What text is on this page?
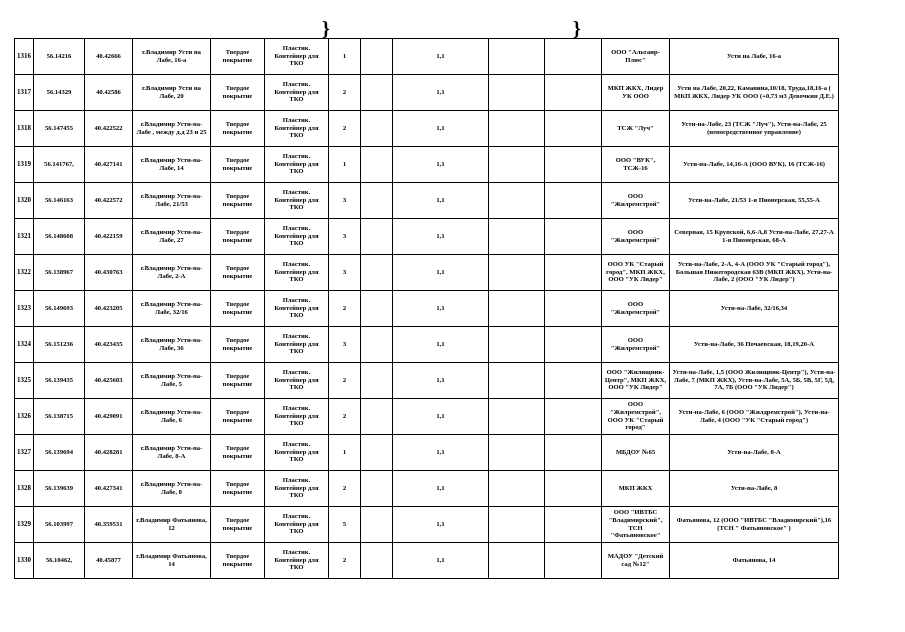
}	}
1316	56.14216	40.42666	г.Владимир Усти на Лабе, 16-а	Твердое покрытие	Пластик. Контейнер для ТКО	1		1,1			ООО "Альтаир-Плюс"	Усти на Лабе, 16-а
1317	56.14329	40.42586	г.Владимир Усти на Лабе, 20	Твердое покрытие	Пластик. Контейнер для ТКО	2		1,1			МКП ЖКХ, Лидер УК ООО	Усти на Лабе, 20,22, Каманина,10/18, Труда,18,16-а ( МКП ЖКХ, Лидер УК ООО (+0,73 м3 Девочкин Д.Е.)
1318	56.147455	40.422522	г.Владимир Усти-на-Лабе , между д.д 23 и 25	Твердое покрытие	Пластик. Контейнер для ТКО	2		1,1			ТСЖ "Луч"	Усти-на-Лабе, 23 (ТСЖ "Луч"), Усти-на-Лабе, 25 (непосредственное управление)
1319	56.141767,	40.427141	г.Владимир Усти-на-Лабе, 14	Твердое покрытие	Пластик. Контейнер для ТКО	1		1,1			ООО "ВУК", ТСЖ-16	Усти-на-Лабе, 14,16-А (ООО ВУК), 16 (ТСЖ-16)
1320	56.146163	40.422572	г.Владимир Усти-на-Лабе, 21/53	Твердое покрытие	Пластик. Контейнер для ТКО	3		1,1			ООО "Жилремстрой"	Усти-на-Лабе, 21/53 1-я Пионерская, 55,55-А
1321	56.148608	40.422159	г.Владимир Усти-на-Лабе, 27	Твердое покрытие	Пластик. Контейнер для ТКО	3		1,1			ООО "Жилремстрой"	Северная, 15 Крупской, 6,6-А,8 Усти-на-Лабе, 27,27-А 1-я Пионерская, 68-А
1322	56.138967	40.430763	г.Владимир Усти-на-Лабе, 2-А	Твердое покрытие	Пластик. Контейнер для ТКО	3		1,1			ООО УК "Старый город", МКП ЖКХ, ООО "УК Лидер"	Усти-на-Лабе, 2-А, 4-А (ООО УК "Старый город"), Большая Нижегородская 63В (МКП ЖКХ), Усти-на-Лабе, 2 (ООО "УК Лидер")
1323	56.149693	40.423205	г.Владимир Усти-на-Лабе, 32/16	Твердое покрытие	Пластик. Контейнер для ТКО	2		1,1			ООО "Жилремстрой"	Усти-на-Лабе, 32/16,34
1324	56.151236	40.423435	г.Владимир Усти-на-Лабе, 36	Твердое покрытие	Пластик. Контейнер для ТКО	3		1,1			ООО "Жилремстрой"	Усти-на-Лабе, 36 Почаевская, 18,19,20-А
1325	56.139435	40.425603	г.Владимир Усти-на-Лабе, 5	Твердое покрытие	Пластик. Контейнер для ТКО	2		1,1			ООО "Жилищник-Центр", МКП ЖКХ, ООО "УК Лидер"	Усти-на-Лабе, 1,5 (ООО Жилищник-Центр"), Усти-на-Лабе, 7 (МКП ЖКХ), Усти-на-Лабе, 5А, 5Б, 5В, 5Г, 5Д, 7А, 7Б (ООО "УК Лидер")
1326	56.138715	40.429091	г.Владимир Усти-на-Лабе, 6	Твердое покрытие	Пластик. Контейнер для ТКО	2		1,1			ООО "Жилремстрой", ООО УК "Старый город"	Усти-на-Лабе, 6 (ООО "Жилдремстрой"), Усти-на-Лабе, 4 (ООО "УК "Старый город")
1327	56.139694	40.428281	г.Владимир Усти-на-Лабе, 8-А	Твердое покрытие	Пластик. Контейнер для ТКО	1		1,1			МБДОУ №65	Усти-на-Лабе, 8-А
1328	56.139639	40.427341	г.Владимир Усти-на-Лабе, 8	Твердое покрытие	Пластик. Контейнер для ТКО	2		1,1			МКП ЖКХ	Усти-на-Лабе, 8
1329	56.103997	40.359531	г.Владимир Фатьянова, 12	Твердое покрытие	Пластик. Контейнер для ТКО	5		1,1			ООО "ИВТБС "Владимирский", ТСН "Фатьяновское"	Фатьянова, 12 (ООО "ИВТБС "Владимирский"),16 (ТСН " Фатьяновское" )
1330	56.10462,	40.45877	г.Владимир Фатьянова, 14	Твердое покрытие	Пластик. Контейнер для ТКО	2		1,1			МАДОУ "Детский сад №12"	Фатьянова, 14
